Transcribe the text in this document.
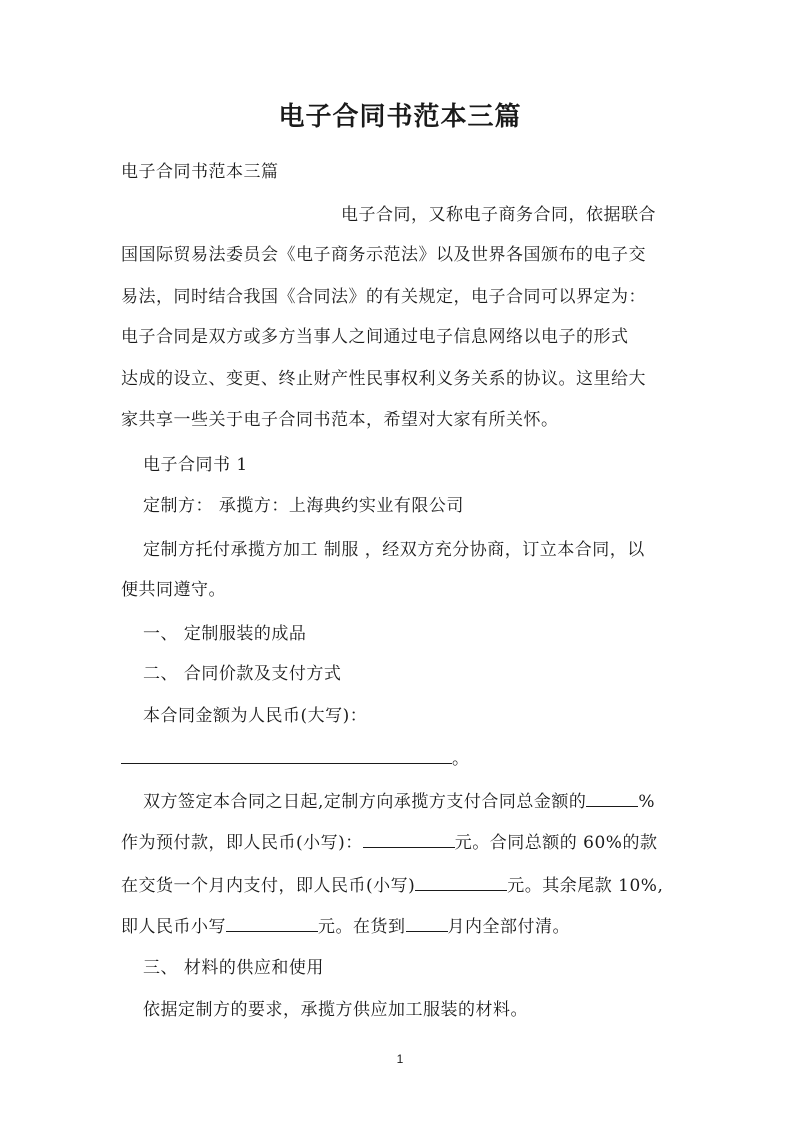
电子合同书范本三篇
电子合同书范本三篇
电子合同，又称电子商务合同，依据联合
国国际贸易法委员会《电子商务示范法》以及世界各国颁布的电子交
易法，同时结合我国《合同法》的有关规定，电子合同可以界定为：
电子合同是双方或多方当事人之间通过电子信息网络以电子的形式
达成的设立、变更、终止财产性民事权利义务关系的协议。这里给大
家共享一些关于电子合同书范本，希望对大家有所关怀。
电子合同书 1
定制方： 承揽方：上海典约实业有限公司
定制方托付承揽方加工 制服 ，经双方充分协商，订立本合同，以
便共同遵守。
一、 定制服装的成品
二、 合同价款及支付方式
本合同金额为人民币(大写)：
。
双方签定本合同之日起,定制方向承揽方支付合同总金额的	%
作为预付款，即人民币(小写)：	元。合同总额的 60%的款
在交货一个月内支付，即人民币(小写)	元。其余尾款 10%,
即人民币小写	元。在货到 月内全部付清。
三、 材料的供应和使用
依据定制方的要求，承揽方供应加工服装的材料。
1
